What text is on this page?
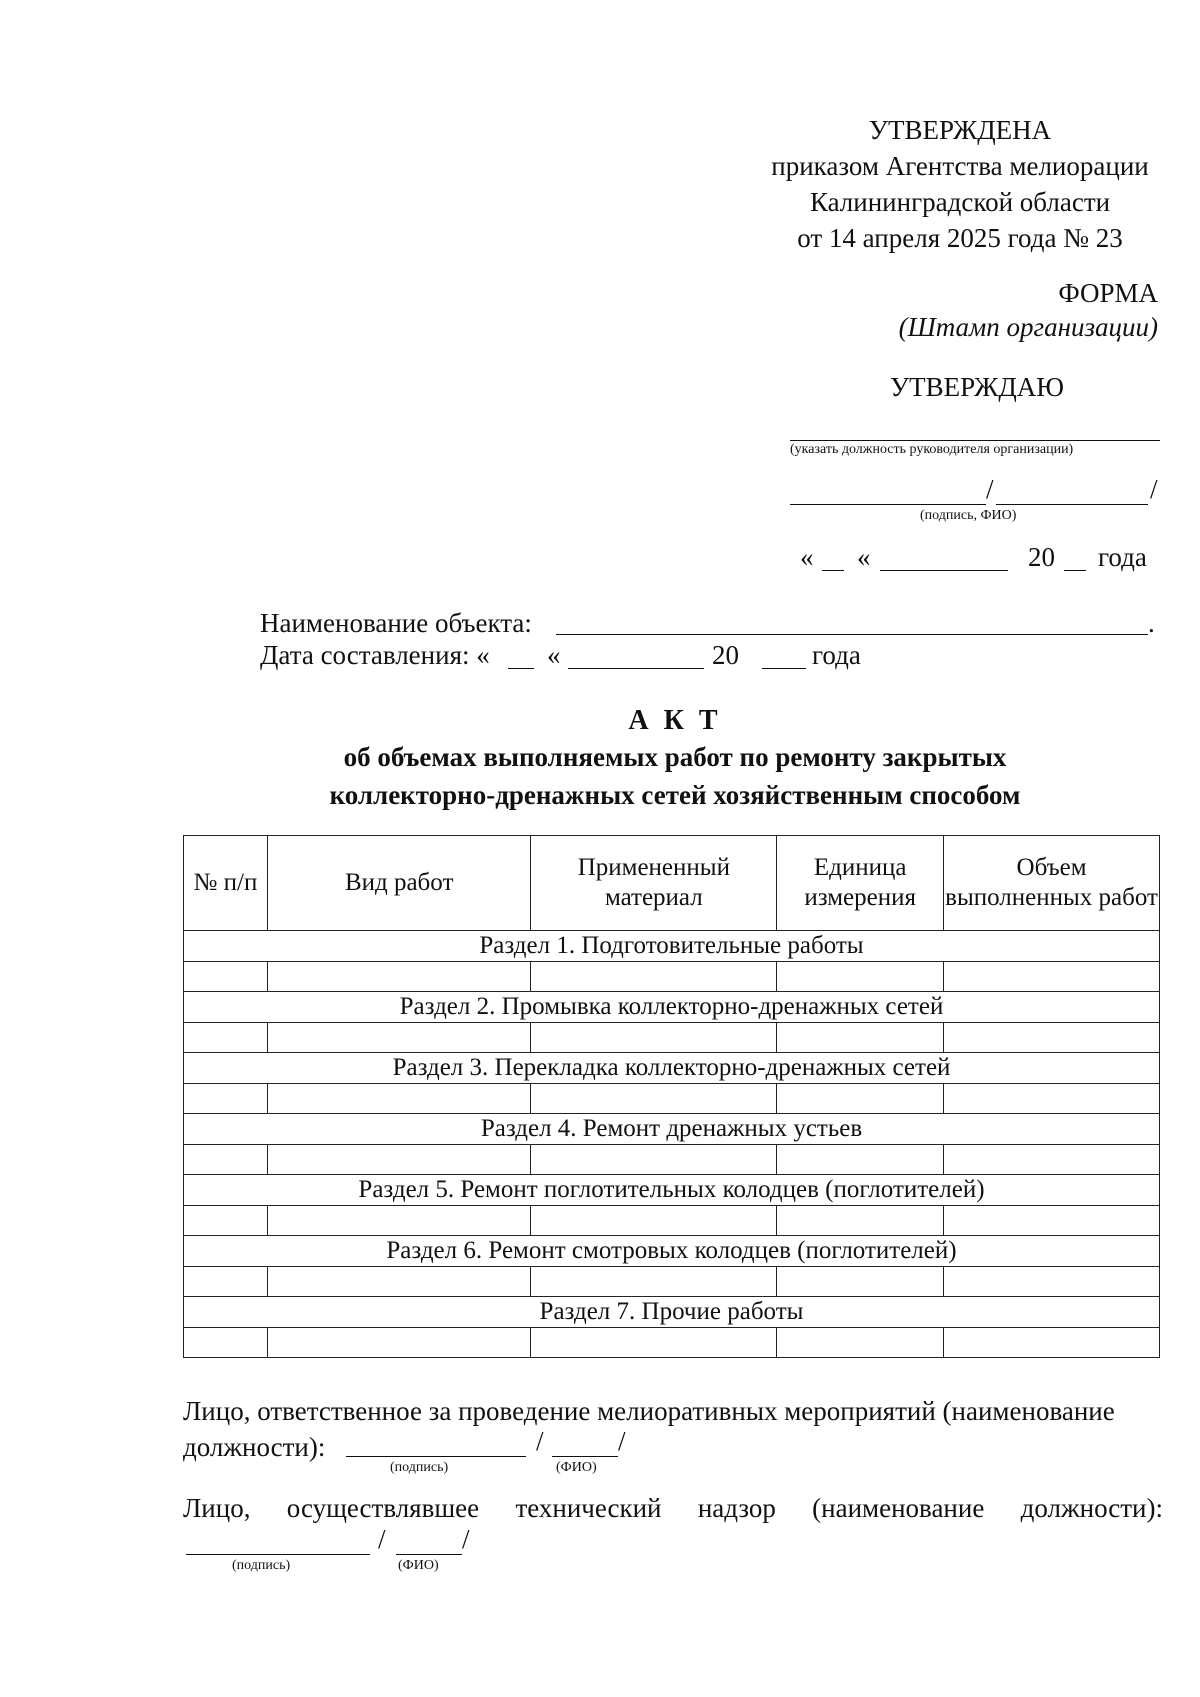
УТВЕРЖДЕНА
приказом Агентства мелиорации
Калининградской области
от 14 апреля 2025 года № 23
ФОРМА
(Штамп организации)
УТВЕРЖДАЮ
(указать должность руководителя организации)
/	/
(подпись, ФИО)
« «	20 года
Наименование объекта:	.
Дата составления: « «	20	года
А К Т
об объемах выполняемых работ по ремонту закрытых
коллекторно-дренажных сетей хозяйственным способом
№ п/п	Вид работ	Примененный материал	Единица измерения	Объем выполненных работ
Раздел 1. Подготовительные работы				

Раздел 2. Промывка коллекторно-дренажных сетей				

Раздел 3. Перекладка коллекторно-дренажных сетей				

Раздел 4. Ремонт дренажных устьев				

Раздел 5. Ремонт поглотительных колодцев (поглотителей)				

Раздел 6. Ремонт смотровых колодцев (поглотителей)				

Раздел 7. Прочие работы				

Лицо, ответственное за проведение мелиоративных мероприятий (наименование
должности):	/	/
(подпись)	(ФИО)
Лицо, осуществлявшее технический надзор (наименование должности):
/	/
(подпись)	(ФИО)
